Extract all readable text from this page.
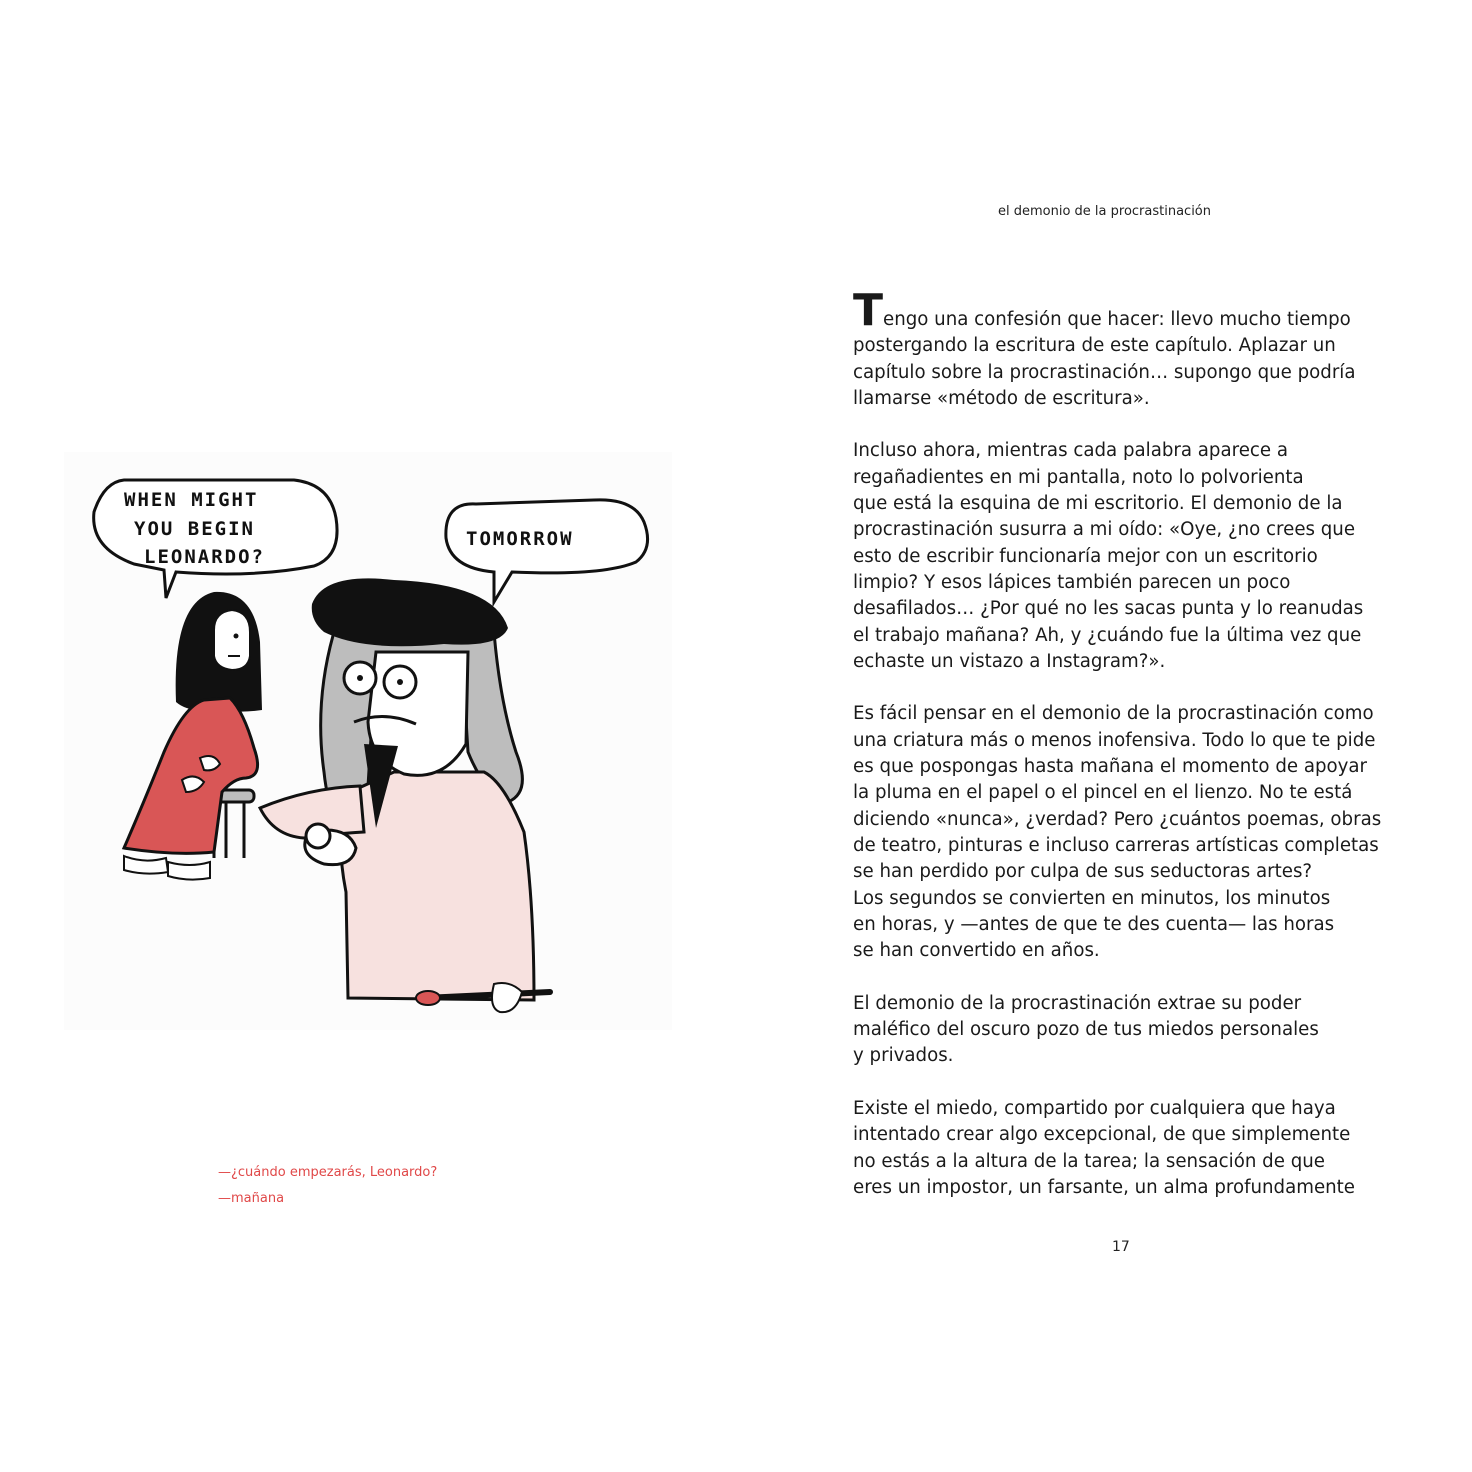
el demonio de la procrastinación
WHEN MIGHT
YOU BEGIN
LEONARDO?
TOMORROW
—¿cuándo empezarás, Leonardo?
—mañana

Tengo una confesión que hacer: llevo mucho tiempo
postergando la escritura de este capítulo. Aplazar un
capítulo sobre la procrastinación… supongo que podría
llamarse «método de escritura».

Incluso ahora, mientras cada palabra aparece a
regañadientes en mi pantalla, noto lo polvorienta
que está la esquina de mi escritorio. El demonio de la
procrastinación susurra a mi oído: «Oye, ¿no crees que
esto de escribir funcionaría mejor con un escritorio
limpio? Y esos lápices también parecen un poco
desafilados… ¿Por qué no les sacas punta y lo reanudas
el trabajo mañana? Ah, y ¿cuándo fue la última vez que
echaste un vistazo a Instagram?».

Es fácil pensar en el demonio de la procrastinación como
una criatura más o menos inofensiva. Todo lo que te pide
es que pospongas hasta mañana el momento de apoyar
la pluma en el papel o el pincel en el lienzo. No te está
diciendo «nunca», ¿verdad? Pero ¿cuántos poemas, obras
de teatro, pinturas e incluso carreras artísticas completas
se han perdido por culpa de sus seductoras artes?
Los segundos se convierten en minutos, los minutos
en horas, y —antes de que te des cuenta— las horas
se han convertido en años.

El demonio de la procrastinación extrae su poder
maléfico del oscuro pozo de tus miedos personales
y privados.

Existe el miedo, compartido por cualquiera que haya
intentado crear algo excepcional, de que simplemente
no estás a la altura de la tarea; la sensación de que
eres un impostor, un farsante, un alma profundamente

17
